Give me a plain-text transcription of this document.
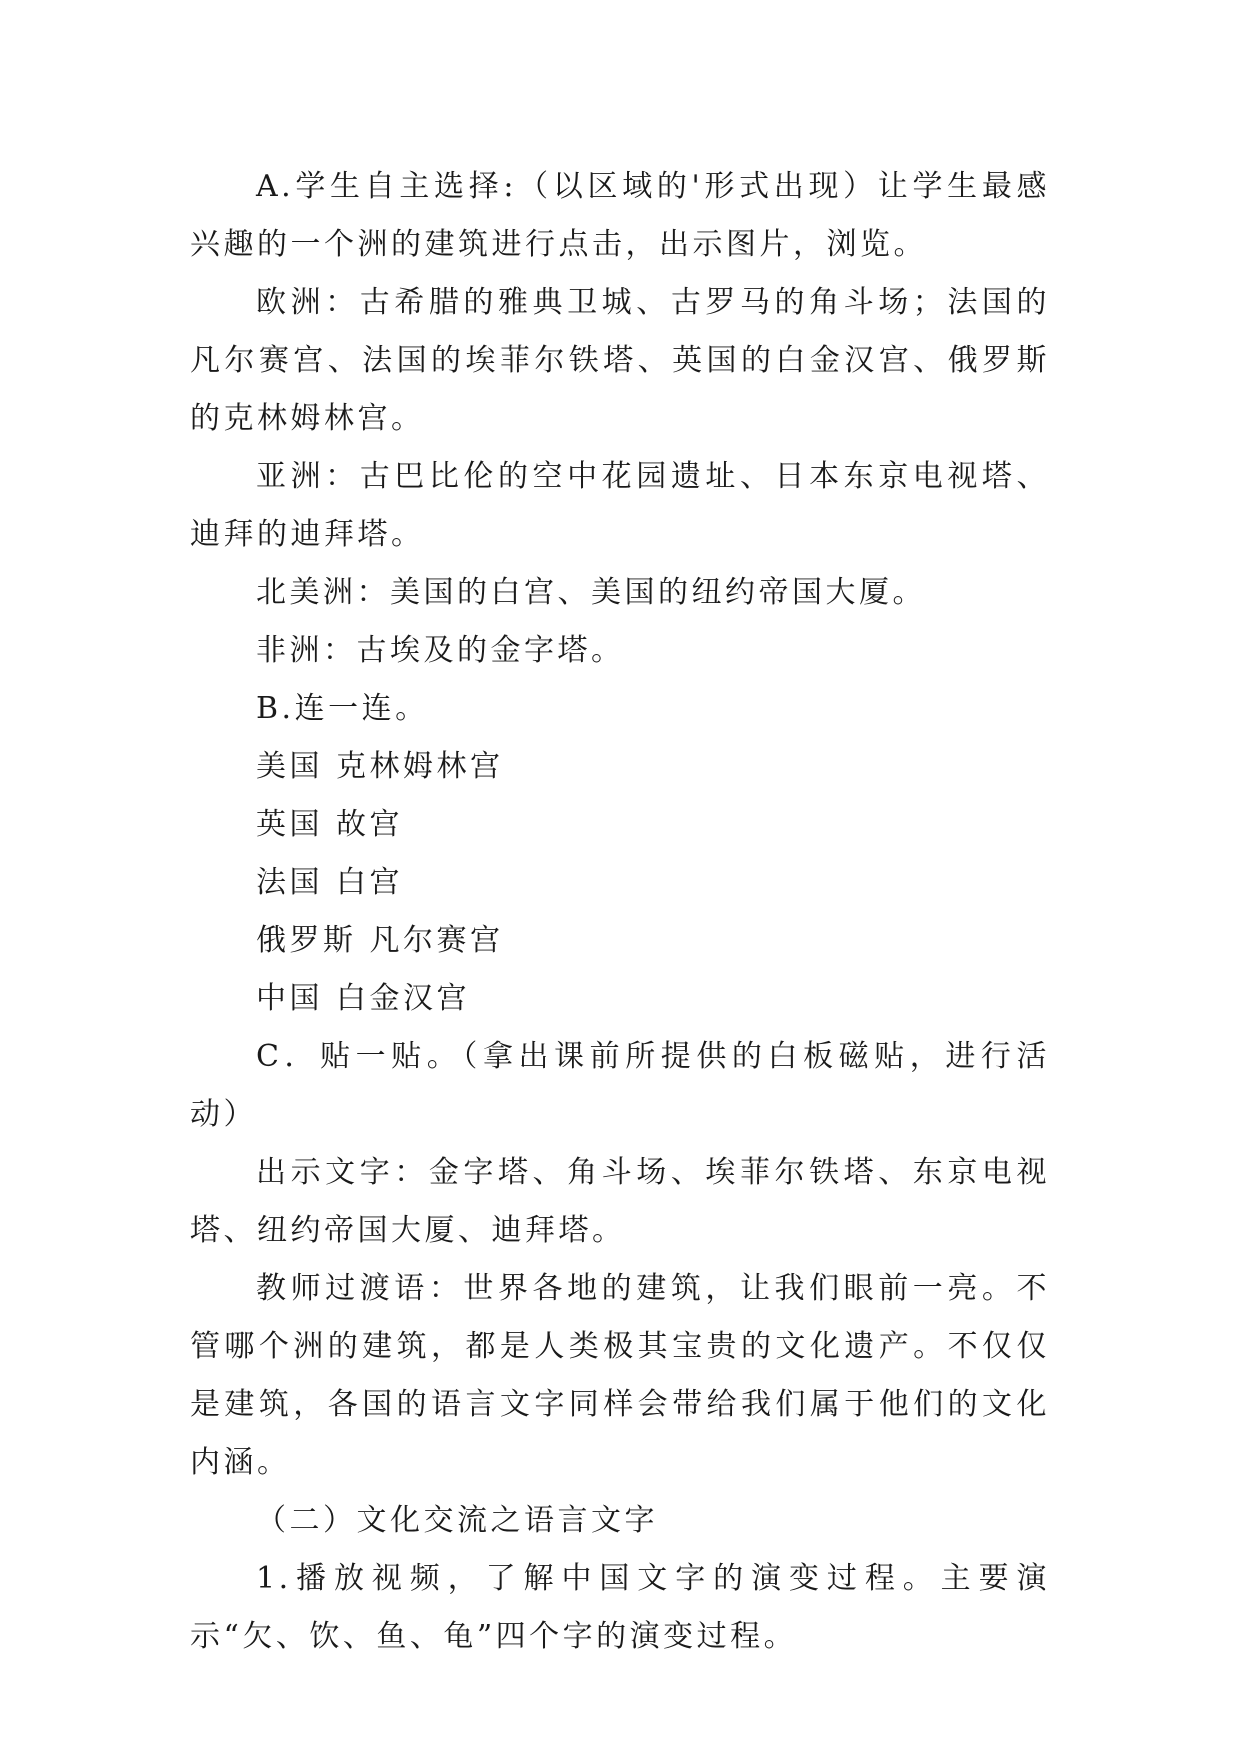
A.学生自主选择:（以区域的'形式出现）让学生最感兴趣的一个洲的建筑进行点击，出示图片，浏览。

欧洲：古希腊的雅典卫城、古罗马的角斗场；法国的凡尔赛宫、法国的埃菲尔铁塔、英国的白金汉宫、俄罗斯的克林姆林宫。

亚洲：古巴比伦的空中花园遗址、日本东京电视塔、迪拜的迪拜塔。

北美洲：美国的白宫、美国的纽约帝国大厦。

非洲：古埃及的金字塔。

B.连一连。

美国 克林姆林宫

英国 故宫

法国 白宫

俄罗斯 凡尔赛宫

中国 白金汉宫

C．贴一贴。（拿出课前所提供的白板磁贴，进行活动）

出示文字：金字塔、角斗场、埃菲尔铁塔、东京电视塔、纽约帝国大厦、迪拜塔。

教师过渡语：世界各地的建筑，让我们眼前一亮。不管哪个洲的建筑，都是人类极其宝贵的文化遗产。不仅仅是建筑，各国的语言文字同样会带给我们属于他们的文化内涵。

（二）文化交流之语言文字

1.播放视频，了解中国文字的演变过程。主要演示“欠、饮、鱼、龟”四个字的演变过程。
